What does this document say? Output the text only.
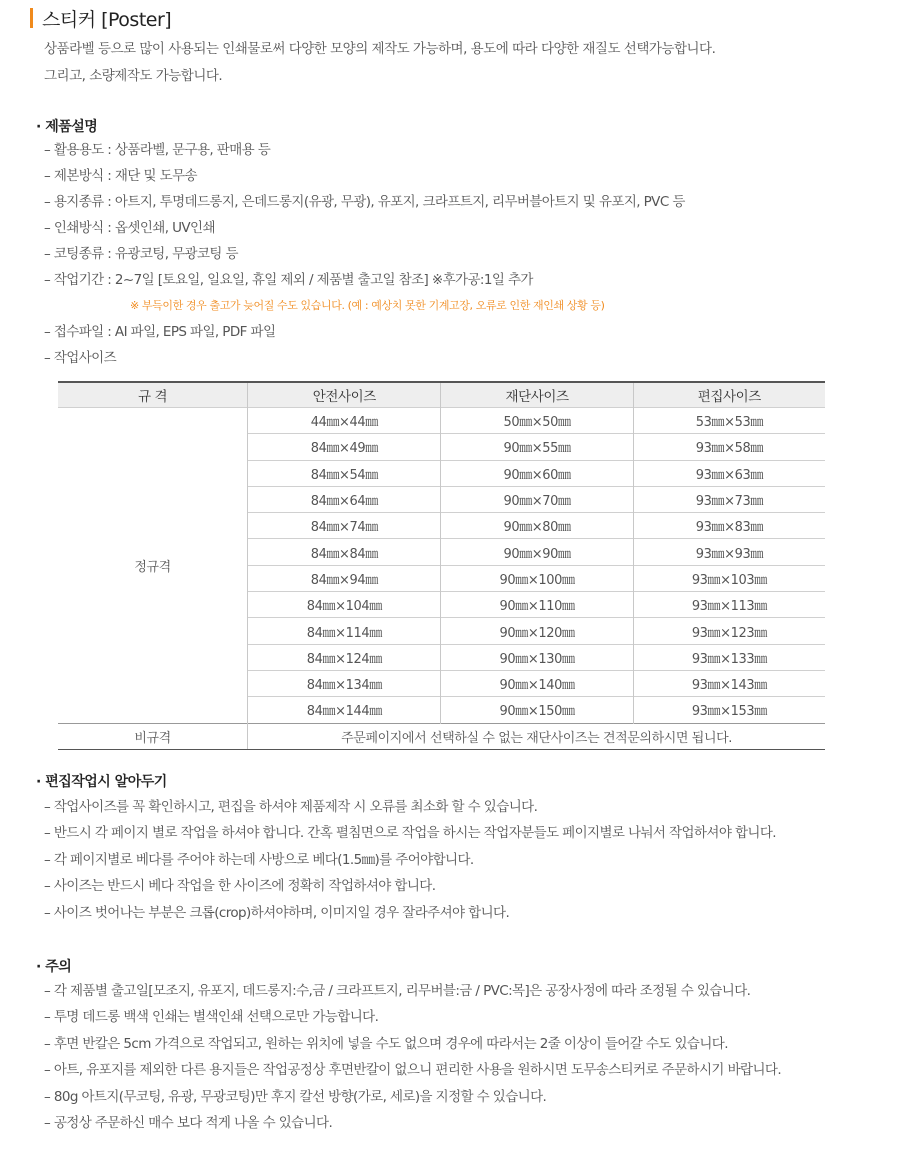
스티커 [Poster]
상품라벨 등으로 많이 사용되는 인쇄물로써 다양한 모양의 제작도 가능하며, 용도에 따라 다양한 재질도 선택가능합니다.
그리고, 소량제작도 가능합니다.
· 제품설명
– 활용용도 : 상품라벨, 문구용, 판매용 등
– 제본방식 : 재단 및 도무송
– 용지종류 : 아트지, 투명데드롱지, 은데드롱지(유광, 무광), 유포지, 크라프트지, 리무버블아트지 및 유포지, PVC 등
– 인쇄방식 : 옵셋인쇄, UV인쇄
– 코팅종류 : 유광코팅, 무광코팅 등
– 작업기간 : 2~7일 [토요일, 일요일, 휴일 제외 / 제품별 출고일 참조] ※후가공:1일 추가
※ 부득이한 경우 출고가 늦어질 수도 있습니다. (예 : 예상치 못한 기계고장, 오류로 인한 재인쇄 상황 등)
– 접수파일 : AI 파일, EPS 파일, PDF 파일
– 작업사이즈
규 격	안전사이즈	재단사이즈	편집사이즈
정규격	44㎜×44㎜	50㎜×50㎜	53㎜×53㎜
	84㎜×49㎜	90㎜×55㎜	93㎜×58㎜
	84㎜×54㎜	90㎜×60㎜	93㎜×63㎜
	84㎜×64㎜	90㎜×70㎜	93㎜×73㎜
	84㎜×74㎜	90㎜×80㎜	93㎜×83㎜
	84㎜×84㎜	90㎜×90㎜	93㎜×93㎜
	84㎜×94㎜	90㎜×100㎜	93㎜×103㎜
	84㎜×104㎜	90㎜×110㎜	93㎜×113㎜
	84㎜×114㎜	90㎜×120㎜	93㎜×123㎜
	84㎜×124㎜	90㎜×130㎜	93㎜×133㎜
	84㎜×134㎜	90㎜×140㎜	93㎜×143㎜
	84㎜×144㎜	90㎜×150㎜	93㎜×153㎜
비규격	주문페이지에서 선택하실 수 없는 재단사이즈는 견적문의하시면 됩니다.		
· 편집작업시 알아두기
– 작업사이즈를 꼭 확인하시고, 편집을 하셔야 제품제작 시 오류를 최소화 할 수 있습니다.
– 반드시 각 페이지 별로 작업을 하셔야 합니다. 간혹 펼침면으로 작업을 하시는 작업자분들도 페이지별로 나눠서 작업하셔야 합니다.
– 각 페이지별로 베다를 주어야 하는데 사방으로 베다(1.5㎜)를 주어야합니다.
– 사이즈는 반드시 베다 작업을 한 사이즈에 정확히 작업하셔야 합니다.
– 사이즈 벗어나는 부분은 크롭(crop)하셔야하며, 이미지일 경우 잘라주셔야 합니다.
· 주의
– 각 제품별 출고일[모조지, 유포지, 데드롱지:수,금 / 크라프트지, 리무버블:금 / PVC:목]은 공장사정에 따라 조정될 수 있습니다.
– 투명 데드롱 백색 인쇄는 별색인쇄 선택으로만 가능합니다.
– 후면 반칼은 5cm 가격으로 작업되고, 원하는 위치에 넣을 수도 없으며 경우에 따라서는 2줄 이상이 들어갈 수도 있습니다.
– 아트, 유포지를 제외한 다른 용지들은 작업공정상 후면반칼이 없으니 편리한 사용을 원하시면 도무송스티커로 주문하시기 바랍니다.
– 80g 아트지(무코팅, 유광, 무광코팅)만 후지 칼선 방향(가로, 세로)을 지정할 수 있습니다.
– 공정상 주문하신 매수 보다 적게 나올 수 있습니다.
